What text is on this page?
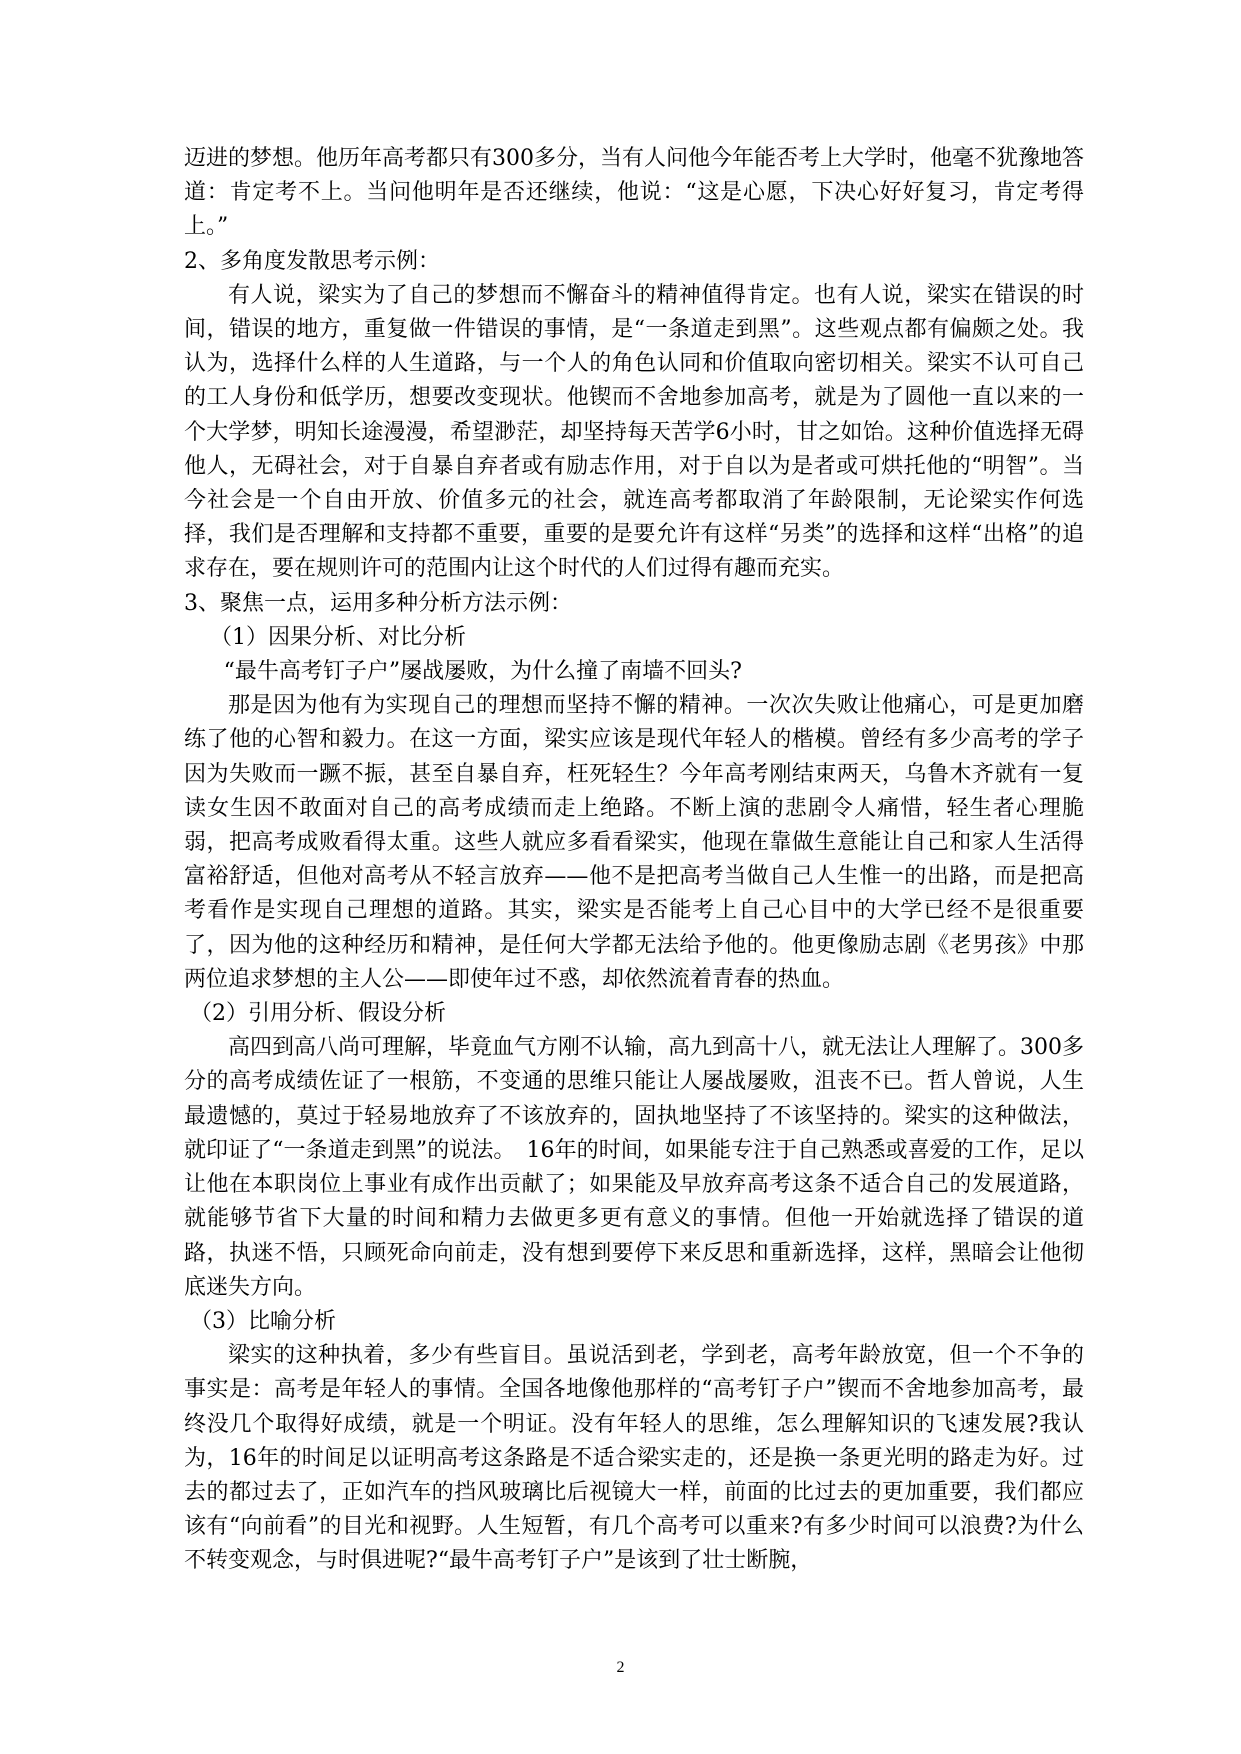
迈进的梦想。他历年高考都只有300多分，当有人问他今年能否考上大学时，他毫不犹豫地答道：肯定考不上。当问他明年是否还继续，他说：“这是心愿，下决心好好复习，肯定考得上。”

2、多角度发散思考示例：

有人说，梁实为了自己的梦想而不懈奋斗的精神值得肯定。也有人说，梁实在错误的时间，错误的地方，重复做一件错误的事情，是“一条道走到黑”。这些观点都有偏颇之处。我认为，选择什么样的人生道路，与一个人的角色认同和价值取向密切相关。梁实不认可自己的工人身份和低学历，想要改变现状。他锲而不舍地参加高考，就是为了圆他一直以来的一个大学梦，明知长途漫漫，希望渺茫，却坚持每天苦学6小时，甘之如饴。这种价值选择无碍他人，无碍社会，对于自暴自弃者或有励志作用，对于自以为是者或可烘托他的“明智”。当今社会是一个自由开放、价值多元的社会，就连高考都取消了年龄限制，无论梁实作何选择，我们是否理解和支持都不重要，重要的是要允许有这样“另类”的选择和这样“出格”的追求存在，要在规则许可的范围内让这个时代的人们过得有趣而充实。

3、聚焦一点，运用多种分析方法示例：

（1）因果分析、对比分析

“最牛高考钉子户”屡战屡败，为什么撞了南墙不回头?

那是因为他有为实现自己的理想而坚持不懈的精神。一次次失败让他痛心，可是更加磨练了他的心智和毅力。在这一方面，梁实应该是现代年轻人的楷模。曾经有多少高考的学子因为失败而一蹶不振，甚至自暴自弃，枉死轻生？今年高考刚结束两天，乌鲁木齐就有一复读女生因不敢面对自己的高考成绩而走上绝路。不断上演的悲剧令人痛惜，轻生者心理脆弱，把高考成败看得太重。这些人就应多看看梁实，他现在靠做生意能让自己和家人生活得富裕舒适，但他对高考从不轻言放弃——他不是把高考当做自己人生惟一的出路，而是把高考看作是实现自己理想的道路。其实，梁实是否能考上自己心目中的大学已经不是很重要了，因为他的这种经历和精神，是任何大学都无法给予他的。他更像励志剧《老男孩》中那两位追求梦想的主人公——即使年过不惑，却依然流着青春的热血。

（2）引用分析、假设分析

高四到高八尚可理解，毕竟血气方刚不认输，高九到高十八，就无法让人理解了。300多分的高考成绩佐证了一根筋，不变通的思维只能让人屡战屡败，沮丧不已。哲人曾说，人生最遗憾的，莫过于轻易地放弃了不该放弃的，固执地坚持了不该坚持的。梁实的这种做法，就印证了“一条道走到黑”的说法。　16年的时间，如果能专注于自己熟悉或喜爱的工作，足以让他在本职岗位上事业有成作出贡献了；如果能及早放弃高考这条不适合自己的发展道路，就能够节省下大量的时间和精力去做更多更有意义的事情。但他一开始就选择了错误的道路，执迷不悟，只顾死命向前走，没有想到要停下来反思和重新选择，这样，黑暗会让他彻底迷失方向。

（3）比喻分析

梁实的这种执着，多少有些盲目。虽说活到老，学到老，高考年龄放宽，但一个不争的事实是：高考是年轻人的事情。全国各地像他那样的“高考钉子户”锲而不舍地参加高考，最终没几个取得好成绩，就是一个明证。没有年轻人的思维，怎么理解知识的飞速发展?我认为，16年的时间足以证明高考这条路是不适合梁实走的，还是换一条更光明的路走为好。过去的都过去了，正如汽车的挡风玻璃比后视镜大一样，前面的比过去的更加重要，我们都应该有“向前看”的目光和视野。人生短暂，有几个高考可以重来?有多少时间可以浪费?为什么不转变观念，与时俱进呢?“最牛高考钉子户”是该到了壮士断腕，

2
